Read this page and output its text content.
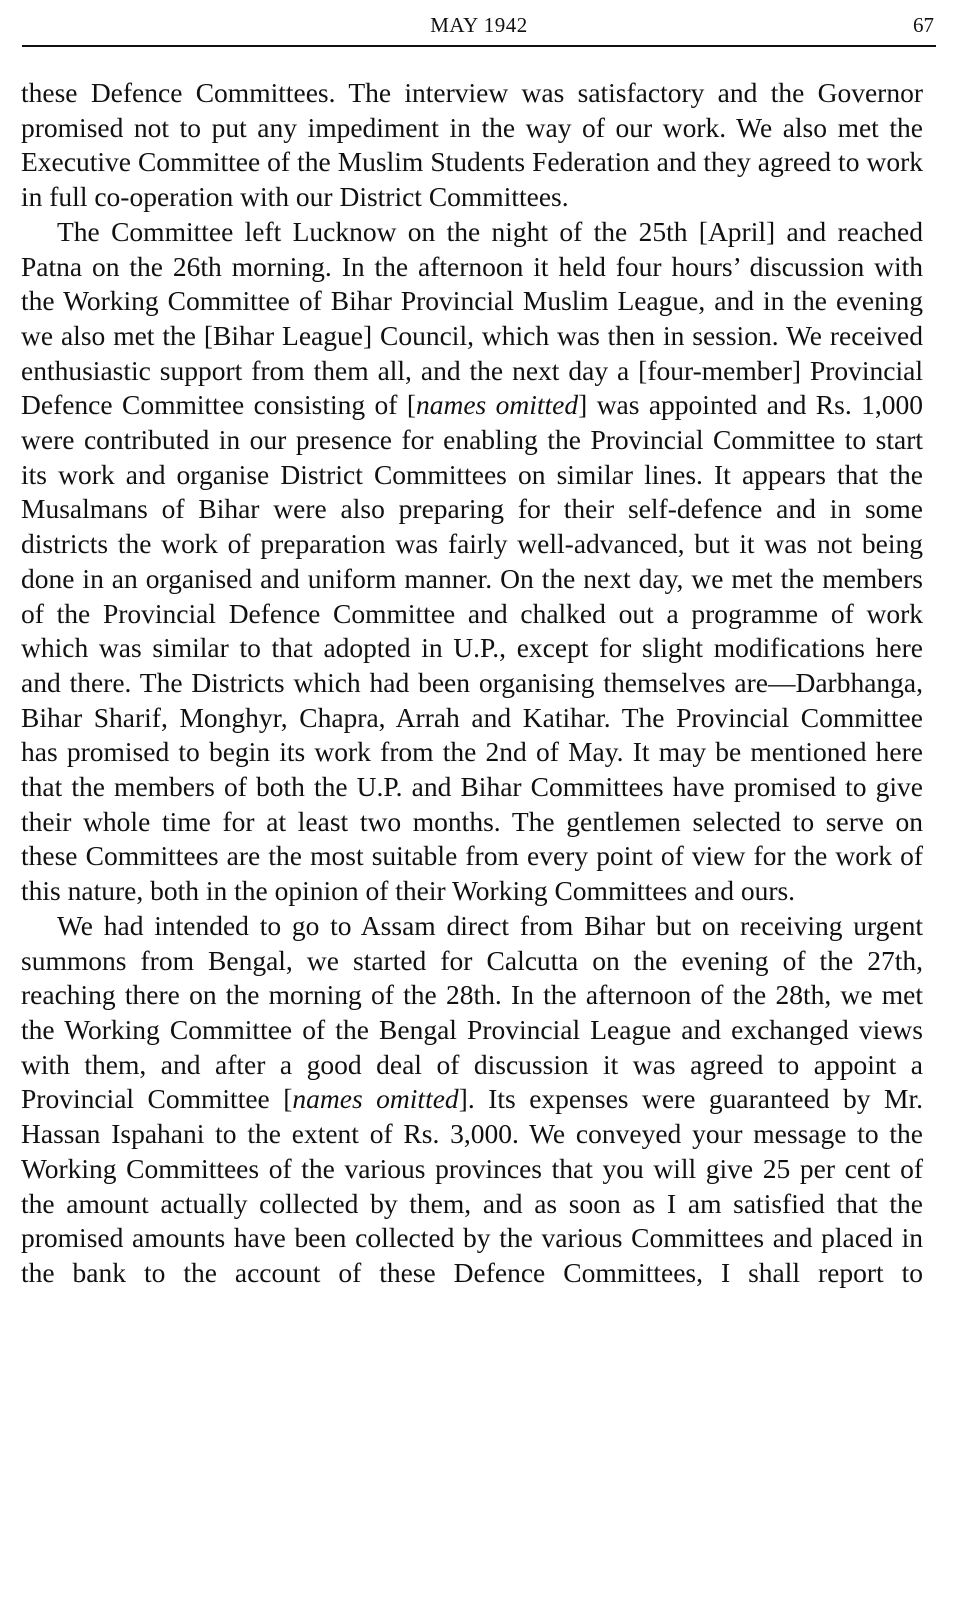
MAY 1942	67

these Defence Committees. The interview was satisfactory and the Governor promised not to put any impediment in the way of our work. We also met the Executive Committee of the Muslim Students Federation and they agreed to work in full co-operation with our District Committees.

The Committee left Lucknow on the night of the 25th [April] and reached Patna on the 26th morning. In the afternoon it held four hours’ discussion with the Working Committee of Bihar Provincial Muslim League, and in the evening we also met the [Bihar League] Council, which was then in session. We received enthusiastic support from them all, and the next day a [four-member] Provincial Defence Committee consisting of [names omitted] was appointed and Rs. 1,000 were contributed in our presence for enabling the Provincial Committee to start its work and organise District Committees on similar lines. It appears that the Musalmans of Bihar were also preparing for their self-defence and in some districts the work of preparation was fairly well-advanced, but it was not being done in an organised and uniform manner. On the next day, we met the members of the Provincial Defence Committee and chalked out a programme of work which was similar to that adopted in U.P., except for slight modifications here and there. The Districts which had been organising themselves are—Darbhanga, Bihar Sharif, Monghyr, Chapra, Arrah and Katihar. The Provincial Committee has promised to begin its work from the 2nd of May. It may be mentioned here that the members of both the U.P. and Bihar Committees have promised to give their whole time for at least two months. The gentlemen selected to serve on these Committees are the most suitable from every point of view for the work of this nature, both in the opinion of their Working Committees and ours.

We had intended to go to Assam direct from Bihar but on receiving urgent summons from Bengal, we started for Calcutta on the evening of the 27th, reaching there on the morning of the 28th. In the afternoon of the 28th, we met the Working Committee of the Bengal Provincial League and exchanged views with them, and after a good deal of discussion it was agreed to appoint a Provincial Committee [names omitted]. Its expenses were guaranteed by Mr. Hassan Ispahani to the extent of Rs. 3,000. We conveyed your message to the Working Committees of the various provinces that you will give 25 per cent of the amount actually collected by them, and as soon as I am satisfied that the promised amounts have been collected by the various Committees and placed in the bank to the account of these Defence Committees, I shall report to
